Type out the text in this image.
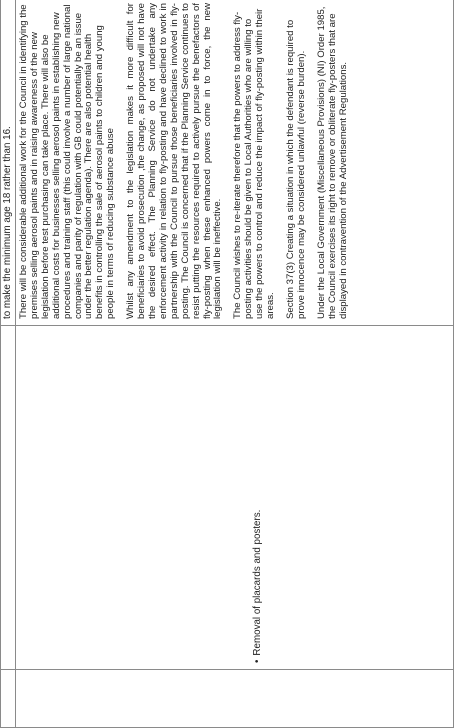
		to make the minimum age 18 rather than 16.

	•Removal of placards and posters.	There will be considerable additional work for the Council in identifying the premises selling aerosol paints and in raising awareness of the new legislation before test purchasing can take place. There will also be additional costs for businesses selling aerosol paints in establishing new procedures and training staff (this could involve a number of large national companies and parity of regulation with GB could potentially be an issue under the better regulation agenda). There are also potential health benefits in controlling the sale of aerosol paints to children and young people in terms of reducing substance abuse Whilst any amendment to the legislation makes it more difficult for beneficiaries to avoid prosecution ,the change, as proposed will not have the desired effect. The Planning Service do not undertake any enforcement activity in relation to fly-posting and have declined to work in partnership with the Council to pursue those beneficiaries involved in fly-posting. The Council is concerned that if the Planning Service continues to resist putting the resources required to actively pursue the benefactors of fly-posting when these enhanced powers come in to force, the new legislation will be ineffective. The Council wishes to re-iterate therefore that the powers to address fly-posting activities should be given to Local Authorities who are willing to use the powers to control and reduce the impact of fly-posting within their areas. Section 37(3) Creating a situation in which the defendant is required to prove innocence may be considered unlawful (reverse burden). Under the Local Government (Miscellaneous Provisions) (NI) Order 1985, the Council exercises its right to remove or obliterate fly-posters that are displayed in contravention of the Advertisement Regulations.
